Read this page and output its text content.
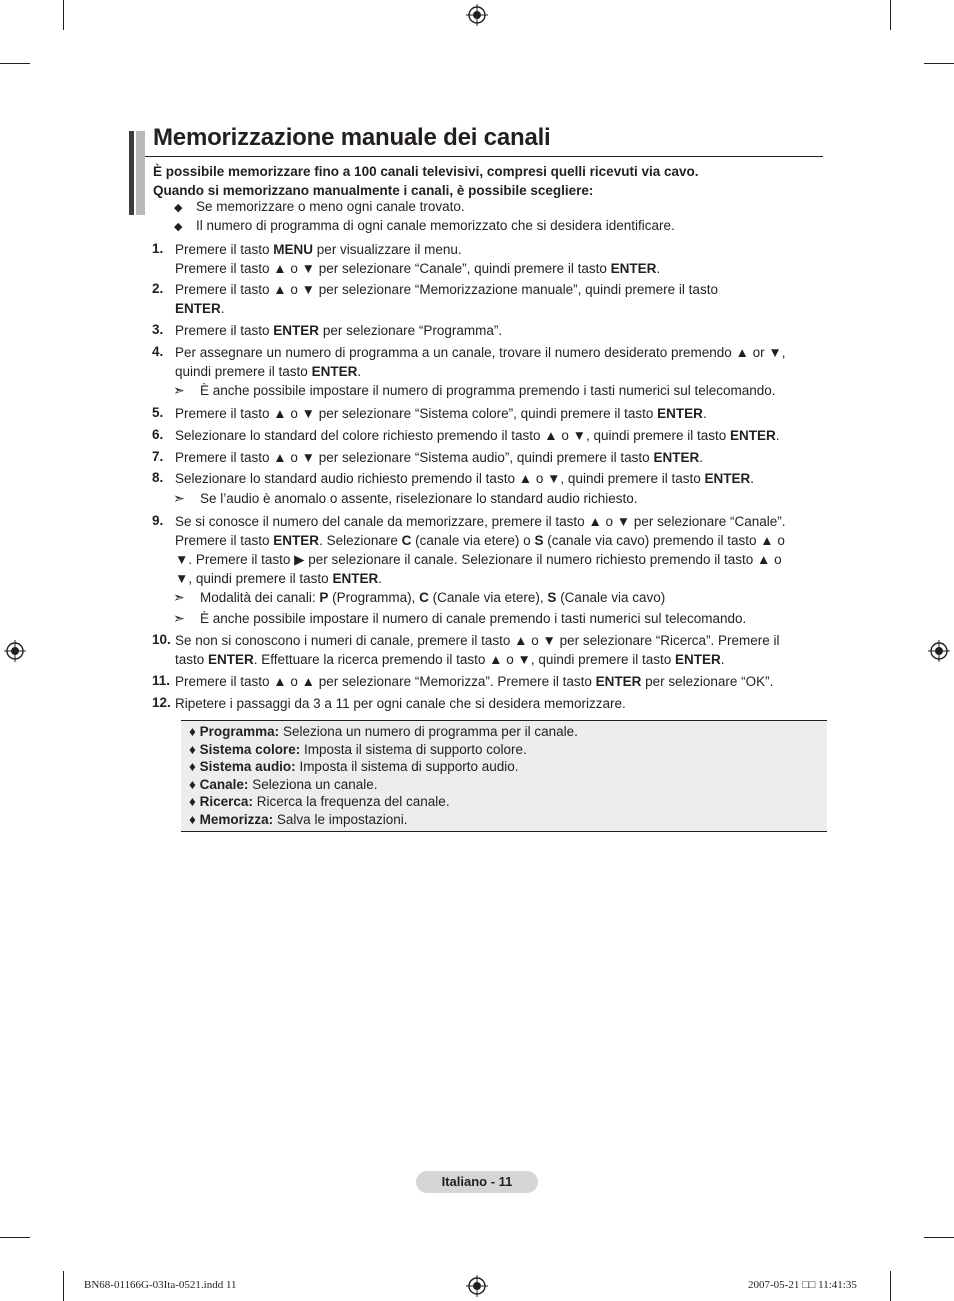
Memorizzazione manuale dei canali
È possibile memorizzare fino a 100 canali televisivi, compresi quelli ricevuti via cavo.
Quando si memorizzano manualmente i canali, è possibile scegliere:
◆ Se memorizzare o meno ogni canale trovato.
◆ Il numero di programma di ogni canale memorizzato che si desidera identificare.
1. Premere il tasto MENU per visualizzare il menu.
Premere il tasto ▲ o ▼ per selezionare “Canale”, quindi premere il tasto ENTER.
2. Premere il tasto ▲ o ▼ per selezionare “Memorizzazione manuale”, quindi premere il tasto
ENTER.
3. Premere il tasto ENTER per selezionare “Programma”.
4. Per assegnare un numero di programma a un canale, trovare il numero desiderato premendo ▲ or ▼,
quindi premere il tasto ENTER.
➣ È anche possibile impostare il numero di programma premendo i tasti numerici sul telecomando.
5. Premere il tasto ▲ o ▼ per selezionare “Sistema colore”, quindi premere il tasto ENTER.
6. Selezionare lo standard del colore richiesto premendo il tasto ▲ o ▼, quindi premere il tasto ENTER.
7. Premere il tasto ▲ o ▼ per selezionare “Sistema audio”, quindi premere il tasto ENTER.
8. Selezionare lo standard audio richiesto premendo il tasto ▲ o ▼, quindi premere il tasto ENTER.
➣ Se l’audio è anomalo o assente, riselezionare lo standard audio richiesto.
9. Se si conosce il numero del canale da memorizzare, premere il tasto ▲ o ▼ per selezionare “Canale”.
Premere il tasto ENTER. Selezionare C (canale via etere) o S (canale via cavo) premendo il tasto ▲ o
▼. Premere il tasto ▶ per selezionare il canale. Selezionare il numero richiesto premendo il tasto ▲ o
▼, quindi premere il tasto ENTER.
➣ Modalità dei canali: P (Programma), C (Canale via etere), S (Canale via cavo)
➣ È anche possibile impostare il numero di canale premendo i tasti numerici sul telecomando.
10. Se non si conoscono i numeri di canale, premere il tasto ▲ o ▼ per selezionare “Ricerca”. Premere il
tasto ENTER. Effettuare la ricerca premendo il tasto ▲ o ▼, quindi premere il tasto ENTER.
11. Premere il tasto ▲ o ▲ per selezionare “Memorizza”. Premere il tasto ENTER per selezionare “OK”.
12. Ripetere i passaggi da 3 a 11 per ogni canale che si desidera memorizzare.
♦ Programma: Seleziona un numero di programma per il canale.
♦ Sistema colore: Imposta il sistema di supporto colore.
♦ Sistema audio: Imposta il sistema di supporto audio.
♦ Canale: Seleziona un canale.
♦ Ricerca: Ricerca la frequenza del canale.
♦ Memorizza: Salva le impostazioni.
Italiano - 11
BN68-01166G-03Ita-0521.indd 11	2007-05-21 □□ 11:41:35
